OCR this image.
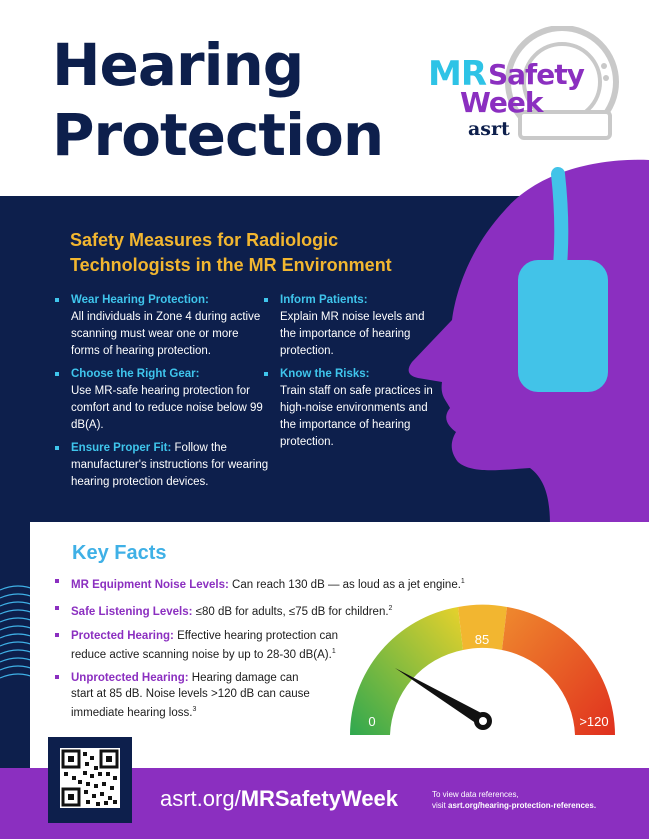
Hearing
Protection
MR Safety
Week
asrt
Safety Measures for Radiologic Technologists in the MR Environment
Wear Hearing Protection:
All individuals in Zone 4 during active scanning must wear one or more forms of hearing protection.
Choose the Right Gear:
Use MR-safe hearing protection for comfort and to reduce noise below 99 dB(A).
Ensure Proper Fit: Follow the manufacturer's instructions for wearing hearing protection devices.
Inform Patients:
Explain MR noise levels and the importance of hearing protection.
Know the Risks:
Train staff on safe practices in high-noise environments and the importance of hearing protection.
Key Facts
MR Equipment Noise Levels: Can reach 130 dB — as loud as a jet engine.$^1$
Safe Listening Levels: ≤80 dB for adults, ≤75 dB for children.$^2$
Protected Hearing: Effective hearing protection can reduce active scanning noise by up to 28-30 dB(A).$^1$
Unprotected Hearing: Hearing damage can start at 85 dB. Noise levels >120 dB can cause immediate hearing loss.$^3$
0
85
>120
asrt.org/MRSafetyWeek	To view data references,
visit asrt.org/hearing-protection-references.
